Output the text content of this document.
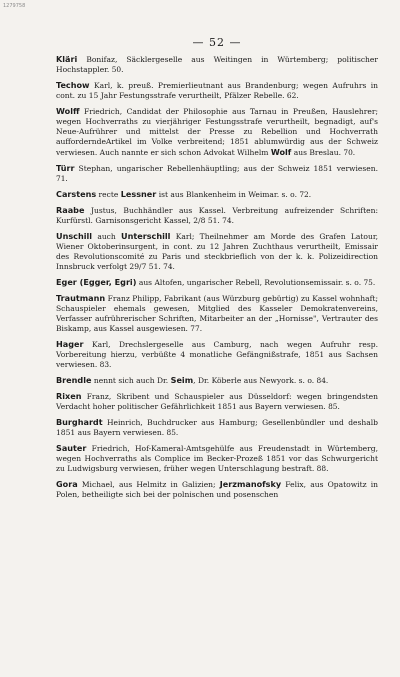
1279758
— 52 —

Kläri Bonifaz, Säcklergeselle aus Weitingen in Würtemberg; politischer Hochstappler. 50.

Techow Karl, k. preuß. Premierlieutnant aus Brandenburg; wegen Aufruhrs in cont. zu 15 Jahr Festungsstrafe verurtheilt, Pfälzer Rebelle. 62.

Wolff Friedrich, Candidat der Philosophie aus Tarnau in Preußen, Hauslehrer; wegen Hochverraths zu vierjähriger Festungsstrafe verurtheilt, begnadigt, auf's Neue-Aufrührer und mittelst der Presse zu Rebellion und Hochverrath aufforderndeArtikel im Volke verbreitend; 1851 ablumwürdig aus der Schweiz verwiesen. Auch nannte er sich schon Advokat Wilhelm Wolf aus Breslau. 70.

Türr Stephan, ungarischer Rebellenhäuptling; aus der Schweiz 1851 verwiesen. 71.

Carstens recte Lessner ist aus Blankenheim in Weimar. s. o. 72.

Raabe Justus, Buchhändler aus Kassel. Verbreitung aufreizender Schriften: Kurfürstl. Garnisonsgericht Kassel, 2/8 51. 74.

Unschill auch Unterschill Karl; Theilnehmer am Morde des Grafen Latour, Wiener Oktoberinsurgent, in cont. zu 12 Jahren Zuchthaus verurtheilt, Emissair des Revolutionscomité zu Paris und steckbrieflich von der k. k. Polizeidirection Innsbruck verfolgt 29/7 51. 74.

Eger (Egger, Egri) aus Altofen, ungarischer Rebell, Revolutionsemissair. s. o. 75.

Trautmann Franz Philipp, Fabrikant (aus Würzburg gebürtig) zu Kassel wohnhaft; Schauspieler ehemals gewesen, Mitglied des Kasseler Demokratenvereins, Verfasser aufrührerischer Schriften, Mitarbeiter an der „Hornisse", Vertrauter des Biskamp, aus Kassel ausgewiesen. 77.

Hager Karl, Drechslergeselle aus Camburg, nach wegen Aufruhr resp. Vorbereitung hierzu, verbüßte 4 monatliche Gefängnißstrafe, 1851 aus Sachsen verwiesen. 83.

Brendle nennt sich auch Dr. Seim, Dr. Köberle aus Newyork. s. o. 84.

Rixen Franz, Skribent und Schauspieler aus Düsseldorf: wegen bringendsten Verdacht hoher politischer Gefährlichkeit 1851 aus Bayern verwiesen. 85.

Burghardt Heinrich, Buchdrucker aus Hamburg; Gesellenbündler und deshalb 1851 aus Bayern verwiesen. 85.

Sauter Friedrich, Hof-Kameral-Amtsgehülfe aus Freudenstadt in Würtemberg, wegen Hochverraths als Complice im Becker-Prozeß 1851 vor das Schwurgericht zu Ludwigsburg verwiesen, früher wegen Unterschlagung bestraft. 88.

Gora Michael, aus Helmitz in Galizien; Jerzmanofsky Felix, aus Opatowitz in Polen, betheiligte sich bei der polnischen und posenschen
